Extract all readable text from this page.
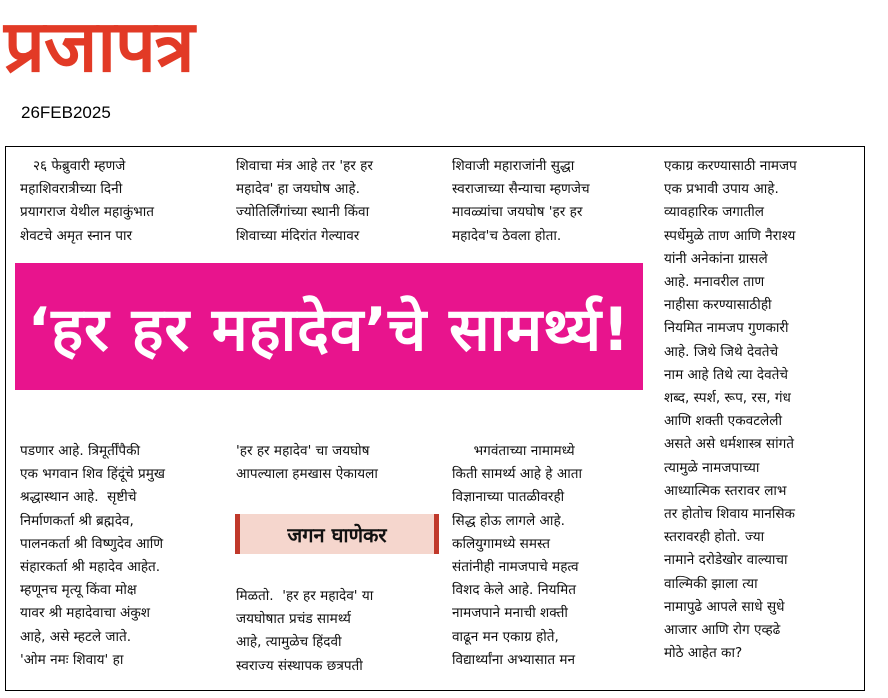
प्रजापत्र
26FEB2025
२६ फेब्रुवारी म्हणजे
महाशिवरात्रीच्या दिनी
प्रयागराज येथील महाकुंभात
शेवटचे अमृत स्नान पार
शिवाचा मंत्र आहे तर 'हर हर
महादेव' हा जयघोष आहे.
ज्योतिर्लिंगांच्या स्थानी किंवा
शिवाच्या मंदिरांत गेल्यावर
शिवाजी महाराजांनी सुद्धा
स्वराजाच्या सैन्याचा म्हणजेच
मावळ्यांचा जयघोष 'हर हर
महादेव'च ठेवला होता.
एकाग्र करण्यासाठी नामजप
एक प्रभावी उपाय आहे.
व्यावहारिक जगातील
स्पर्धेमुळे ताण आणि नैराश्य
यांनी अनेकांना ग्रासले
आहे. मनावरील ताण
नाहीसा करण्यासाठीही
नियमित नामजप गुणकारी
आहे. जिथे जिथे देवतेचे
नाम आहे तिथे त्या देवतेचे
शब्द, स्पर्श, रूप, रस, गंध
आणि शक्ती एकवटलेली
असते असे धर्मशास्त्र सांगते
त्यामुळे नामजपाच्या
आध्यात्मिक स्तरावर लाभ
तर होतोच शिवाय मानसिक
स्तरावरही होतो. ज्या
नामाने दरोडेखोर वाल्याचा
वाल्मिकी झाला त्या
नामापुढे आपले साधे सुधे
आजार आणि रोग एव्हढे
मोठे आहेत का?
‘हर हर महादेव’चे सामर्थ्य!
पडणार आहे. त्रिमूर्तींपैकी
एक भगवान शिव हिंदूंचे प्रमुख
श्रद्धास्थान आहे.  सृष्टीचे
निर्माणकर्ता श्री ब्रह्मदेव,
पालनकर्ता श्री विष्णुदेव आणि
संहारकर्ता श्री महादेव आहेत.
म्हणूनच मृत्यू किंवा मोक्ष
यावर श्री महादेवाचा अंकुश
आहे, असे म्हटले जाते.
'ओम नमः शिवाय' हा
'हर हर महादेव' चा जयघोष
आपल्याला हमखास ऐकायला
जगन घाणेकर
मिळतो.  'हर हर महादेव' या
जयघोषात प्रचंड सामर्थ्य
आहे, त्यामुळेच हिंदवी
स्वराज्य संस्थापक छत्रपती
भगवंताच्या नामामध्ये
किती सामर्थ्य आहे हे आता
विज्ञानाच्या पातळीवरही
सिद्ध होऊ लागले आहे.
कलियुगामध्ये समस्त
संतांनीही नामजपाचे महत्व
विशद केले आहे. नियमित
नामजपाने मनाची शक्ती
वाढून मन एकाग्र होते,
विद्यार्थ्यांना अभ्यासात मन
